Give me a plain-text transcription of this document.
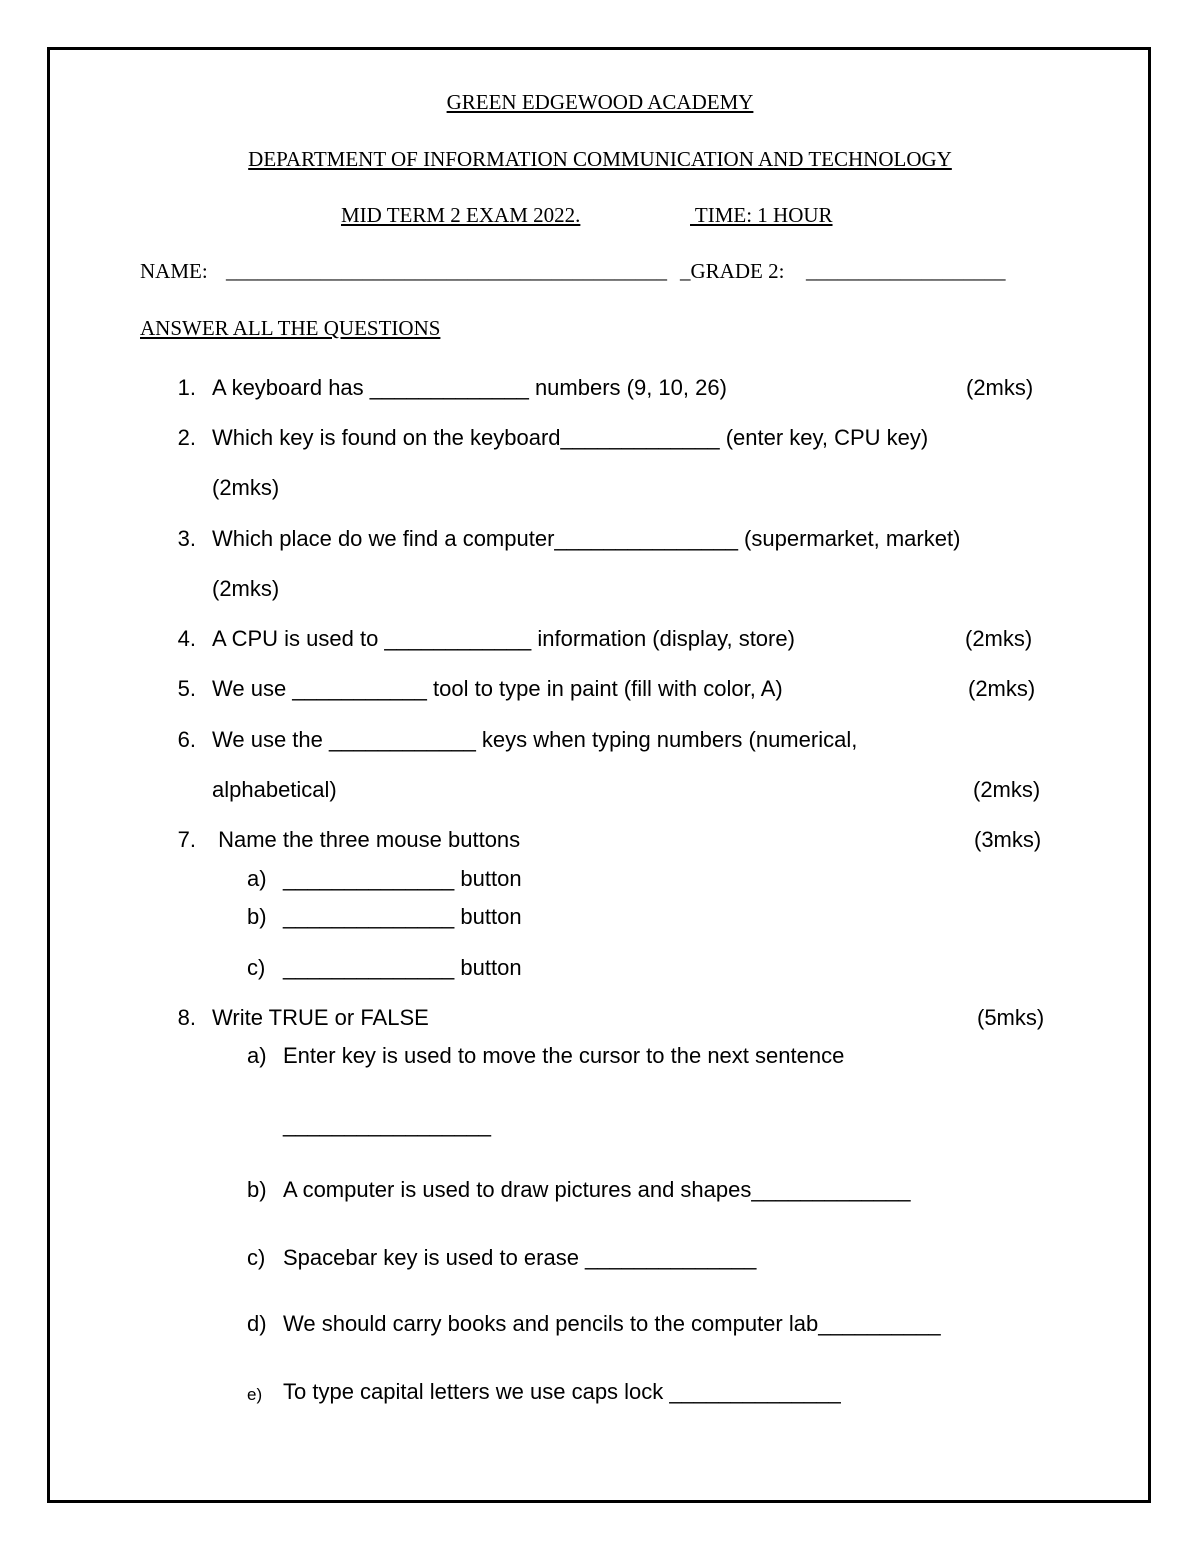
GREEN EDGEWOOD ACADEMY
DEPARTMENT OF INFORMATION COMMUNICATION AND TECHNOLOGY
MID TERM 2 EXAM 2022.	TIME: 1 HOUR
NAME: __________________________________________ _GRADE 2: ___________________
ANSWER ALL THE QUESTIONS
1. A keyboard has _____________ numbers (9, 10, 26)	(2mks)
2. Which key is found on the keyboard_____________ (enter key, CPU key)
(2mks)
3. Which place do we find a computer_______________ (supermarket, market)
(2mks)
4. A CPU is used to ____________ information (display, store)	(2mks)
5. We use ___________ tool to type in paint (fill with color, A)	(2mks)
6. We use the ____________ keys when typing numbers (numerical,
alphabetical)	(2mks)
7. Name the three mouse buttons	(3mks)
a) ______________ button
b) ______________ button
c) ______________ button
8. Write TRUE or FALSE	(5mks)
a) Enter key is used to move the cursor to the next sentence
_________________
b) A computer is used to draw pictures and shapes_____________
c) Spacebar key is used to erase ______________
d) We should carry books and pencils to the computer lab__________
e) To type capital letters we use caps lock ______________
